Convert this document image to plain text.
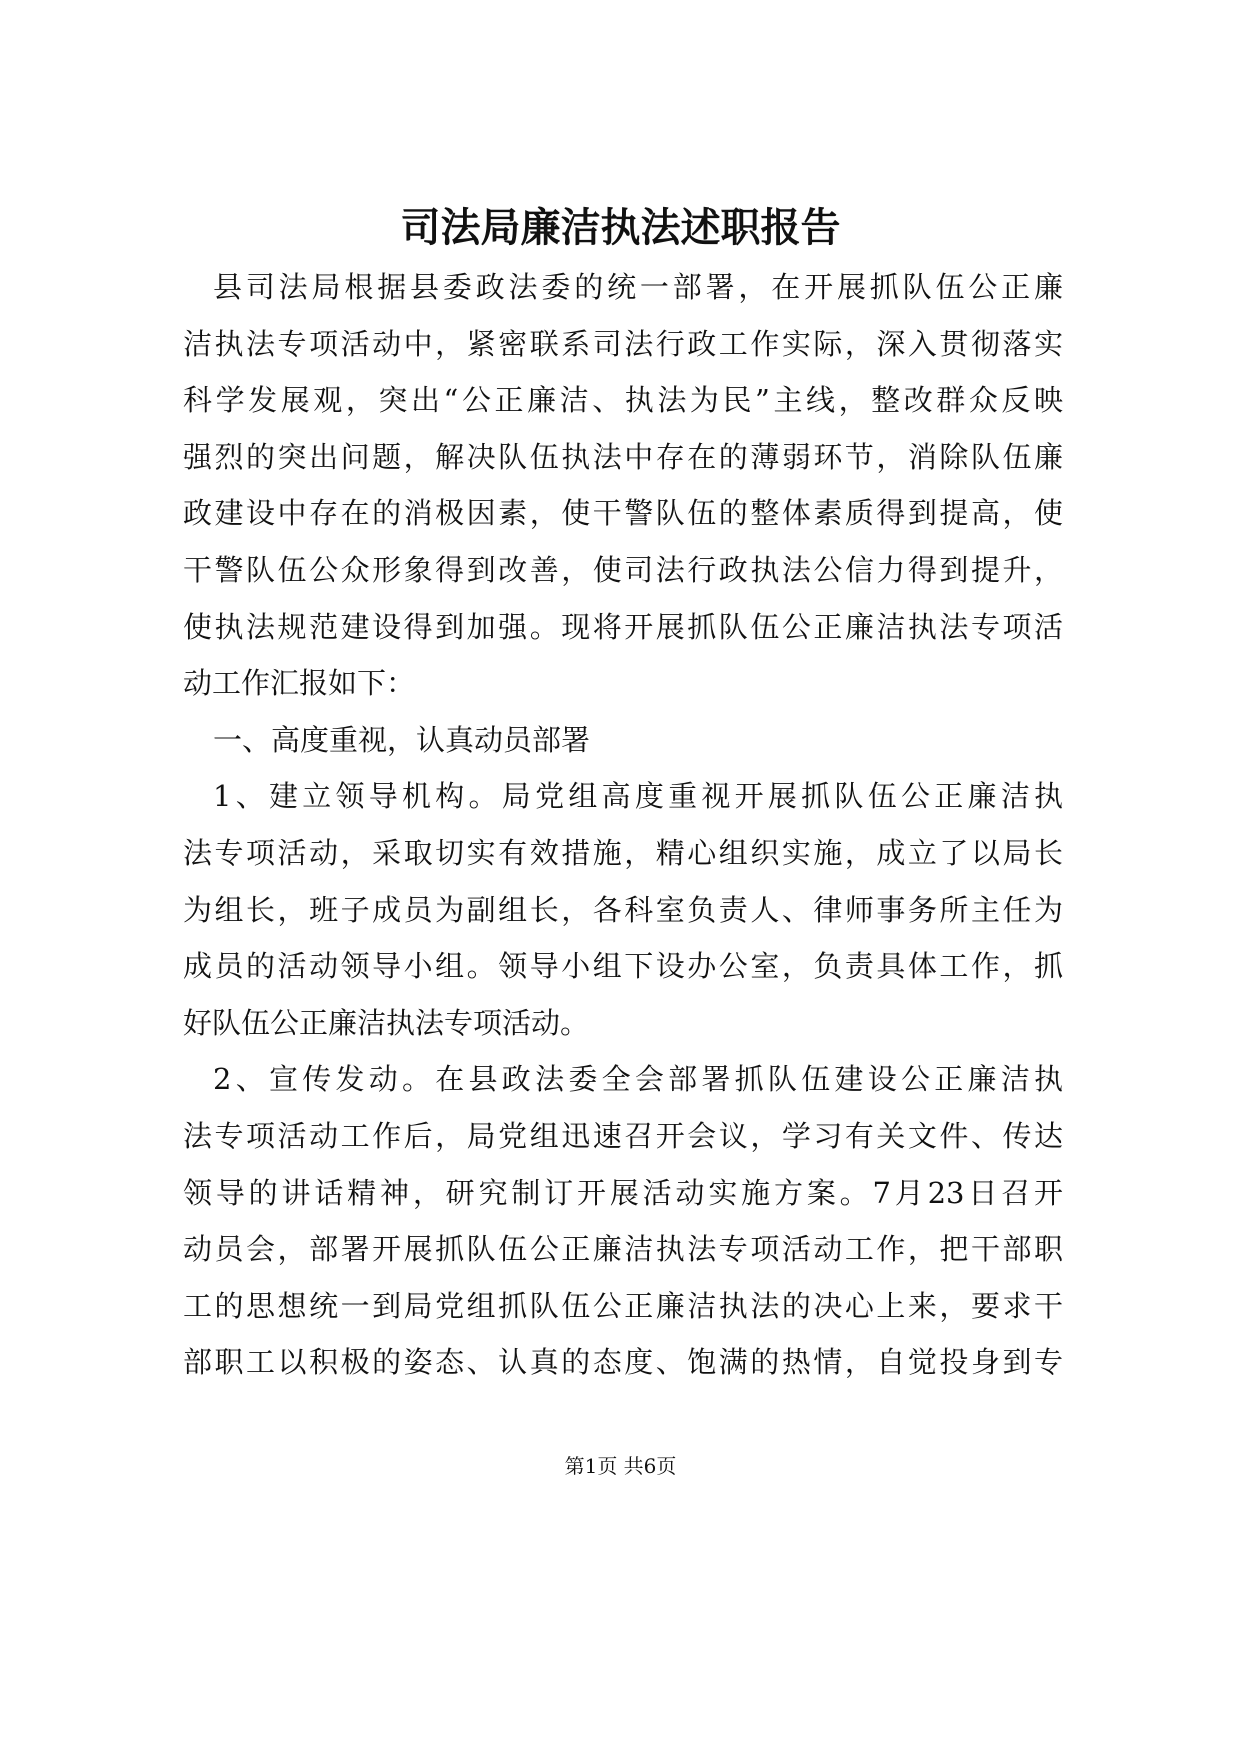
司法局廉洁执法述职报告
县司法局根据县委政法委的统一部署，在开展抓队伍公正廉
洁执法专项活动中，紧密联系司法行政工作实际，深入贯彻落实
科学发展观，突出“公正廉洁、执法为民”主线，整改群众反映
强烈的突出问题，解决队伍执法中存在的薄弱环节，消除队伍廉
政建设中存在的消极因素，使干警队伍的整体素质得到提高，使
干警队伍公众形象得到改善，使司法行政执法公信力得到提升，
使执法规范建设得到加强。现将开展抓队伍公正廉洁执法专项活
动工作汇报如下：
一、高度重视，认真动员部署
1、建立领导机构。局党组高度重视开展抓队伍公正廉洁执
法专项活动，采取切实有效措施，精心组织实施，成立了以局长
为组长，班子成员为副组长，各科室负责人、律师事务所主任为
成员的活动领导小组。领导小组下设办公室，负责具体工作，抓
好队伍公正廉洁执法专项活动。
2、宣传发动。在县政法委全会部署抓队伍建设公正廉洁执
法专项活动工作后，局党组迅速召开会议，学习有关文件、传达
领导的讲话精神，研究制订开展活动实施方案。7月23日召开
动员会，部署开展抓队伍公正廉洁执法专项活动工作，把干部职
工的思想统一到局党组抓队伍公正廉洁执法的决心上来，要求干
部职工以积极的姿态、认真的态度、饱满的热情，自觉投身到专
第1页 共6页
